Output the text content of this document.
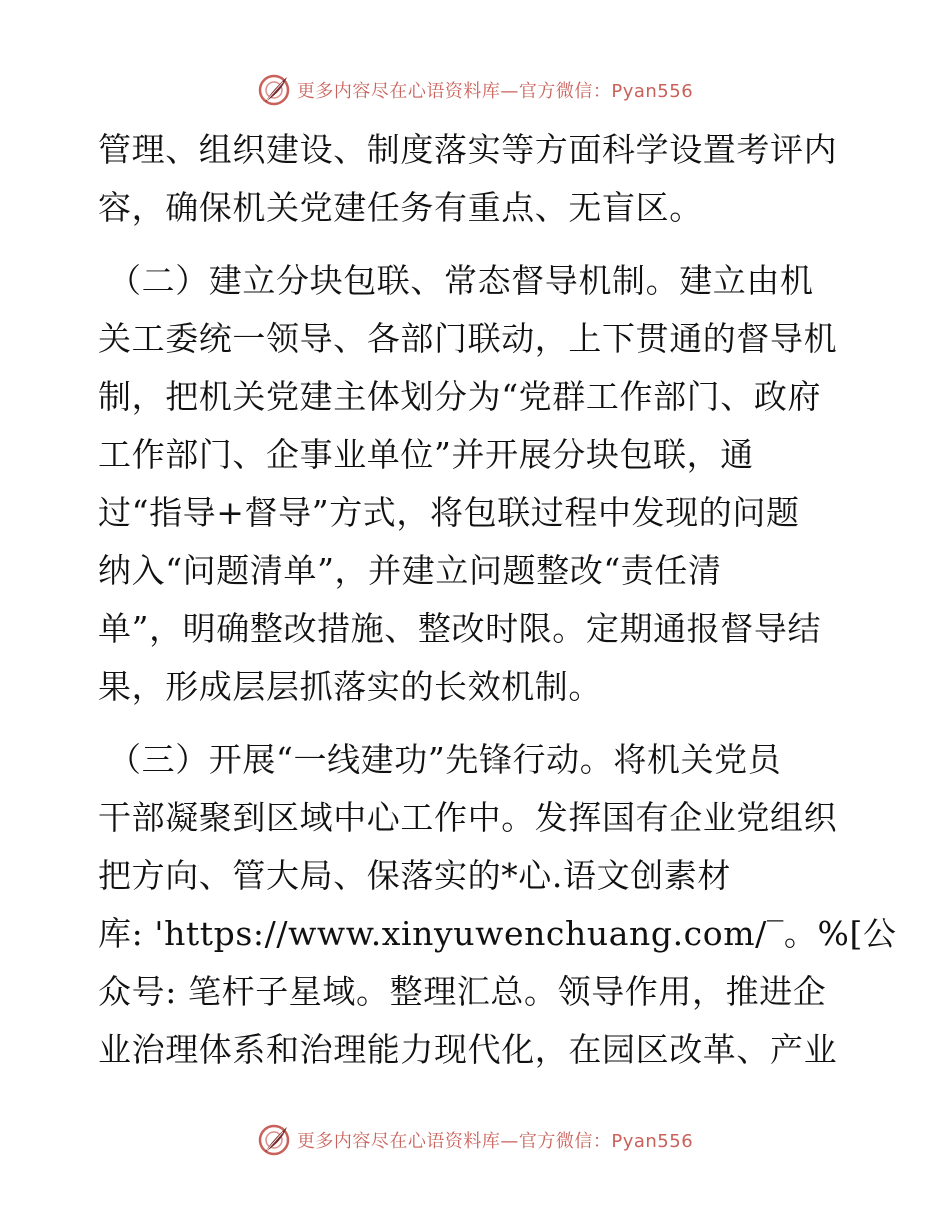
更多内容尽在心语资料库—官方微信：Pyan556
管理、组织建设、制度落实等方面科学设置考评内
容，确保机关党建任务有重点、无盲区。
（二）建立分块包联、常态督导机制。建立由机
关工委统一领导、各部门联动，上下贯通的督导机
制，把机关党建主体划分为“党群工作部门、政府
工作部门、企事业单位”并开展分块包联，通
过“指导+督导”方式，将包联过程中发现的问题
纳入“问题清单”，并建立问题整改“责任清
单”，明确整改措施、整改时限。定期通报督导结
果，形成层层抓落实的长效机制。
（三）开展“一线建功”先锋行动。将机关党员
干部凝聚到区域中心工作中。发挥国有企业党组织
把方向、管大局、保落实的*心.语文创素材
库: 'https://www.xinyuwenchuang.com/‾。%[公
众号: 笔杆子星域。整理汇总。领导作用，推进企
业治理体系和治理能力现代化，在园区改革、产业
更多内容尽在心语资料库—官方微信：Pyan556
